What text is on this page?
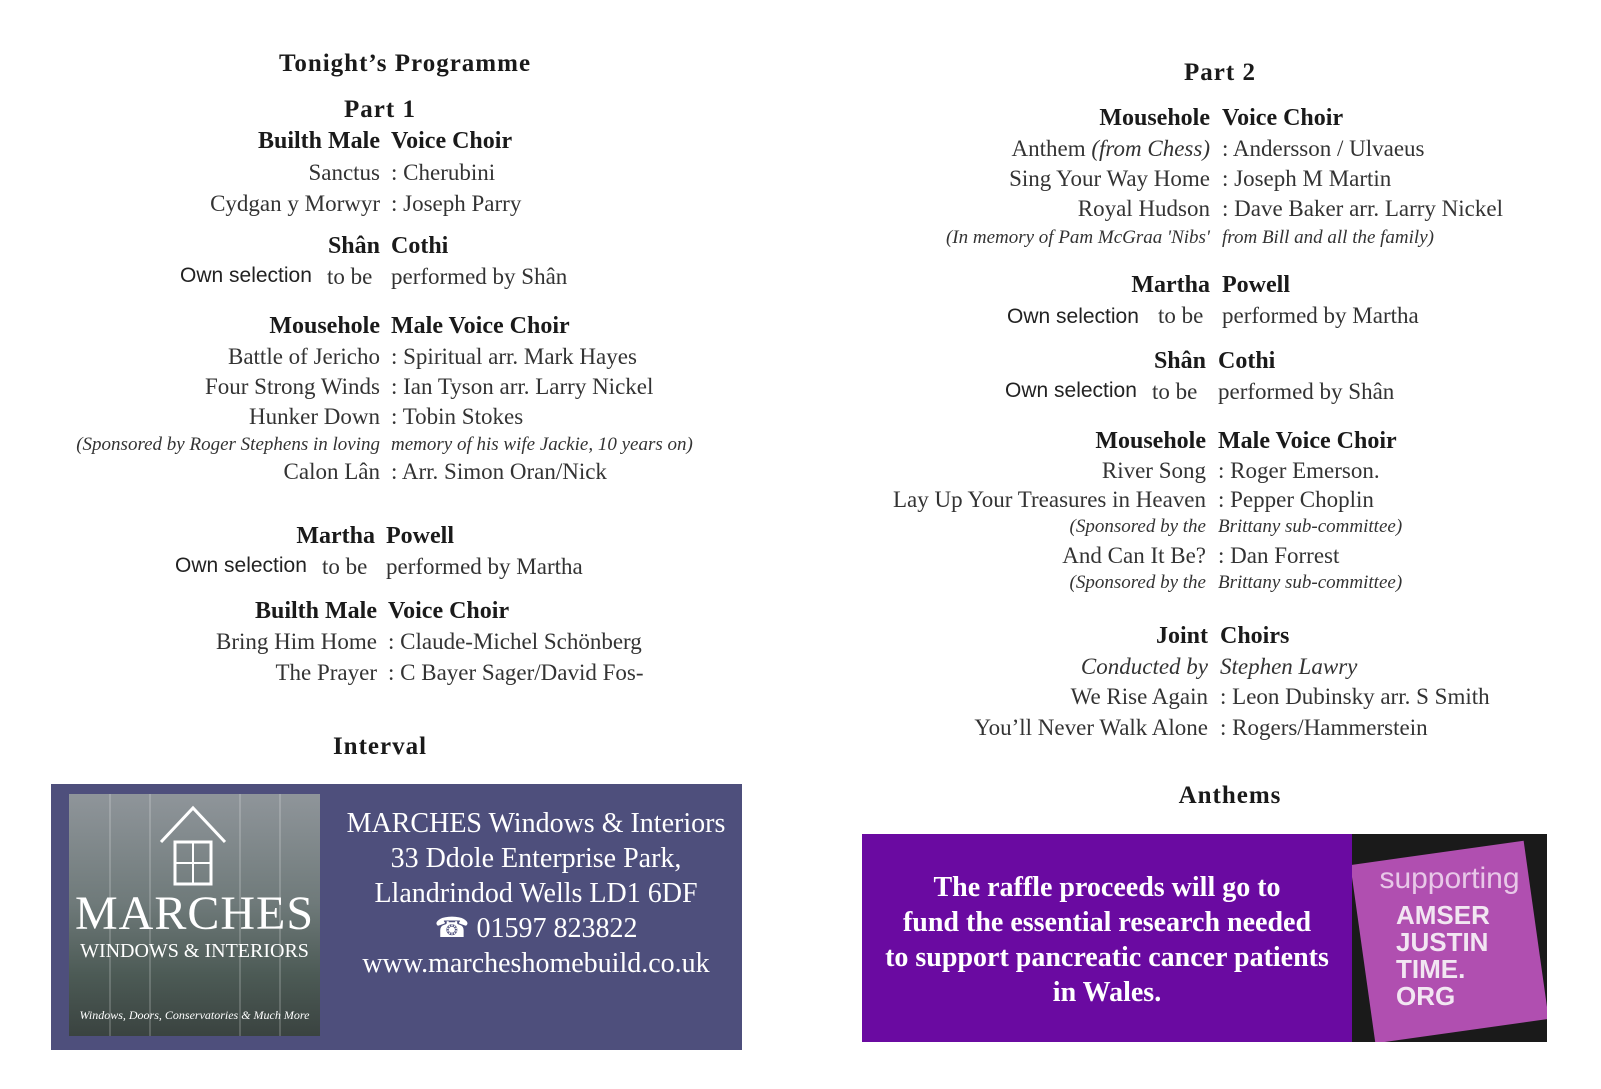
Tonight’s Programme
Part 1
Builth Male Voice Choir
Sanctus : Cherubini
Cydgan y Morwyr : Joseph Parry
Shân Cothi
Own selection to be performed by Shân
Mousehole Male Voice Choir
Battle of Jericho : Spiritual arr. Mark Hayes
Four Strong Winds : Ian Tyson arr. Larry Nickel
Hunker Down : Tobin Stokes
(Sponsored by Roger Stephens in loving memory of his wife Jackie, 10 years on)
Calon Lân : Arr. Simon Oran/Nick
Martha Powell
Own selection to be performed by Martha
Builth Male Voice Choir
Bring Him Home : Claude-Michel Schönberg
The Prayer : C Bayer Sager/David Fos-
Interval
MARCHES
WINDOWS & INTERIORS
Windows, Doors, Conservatories & Much More
MARCHES Windows & Interiors
33 Ddole Enterprise Park,
Llandrindod Wells LD1 6DF
☎ 01597 823822
www.marcheshomebuild.co.uk
Part 2
Mousehole Voice Choir
Anthem (from Chess) : Andersson / Ulvaeus
Sing Your Way Home : Joseph M Martin
Royal Hudson : Dave Baker arr. Larry Nickel
(In memory of Pam McGraa 'Nibs' from Bill and all the family)
Martha Powell
Own selection to be performed by Martha
Shân Cothi
Own selection to be performed by Shân
Mousehole Male Voice Choir
River Song : Roger Emerson.
Lay Up Your Treasures in Heaven : Pepper Choplin
(Sponsored by the Brittany sub-committee)
And Can It Be? : Dan Forrest
(Sponsored by the Brittany sub-committee)
Joint Choirs
Conducted by Stephen Lawry
We Rise Again : Leon Dubinsky arr. S Smith
You’ll Never Walk Alone : Rogers/Hammerstein
Anthems
The raffle proceeds will go to
fund the essential research needed
to support pancreatic cancer patients
in Wales.
supporting
AMSER
JUSTIN
TIME.
ORG
